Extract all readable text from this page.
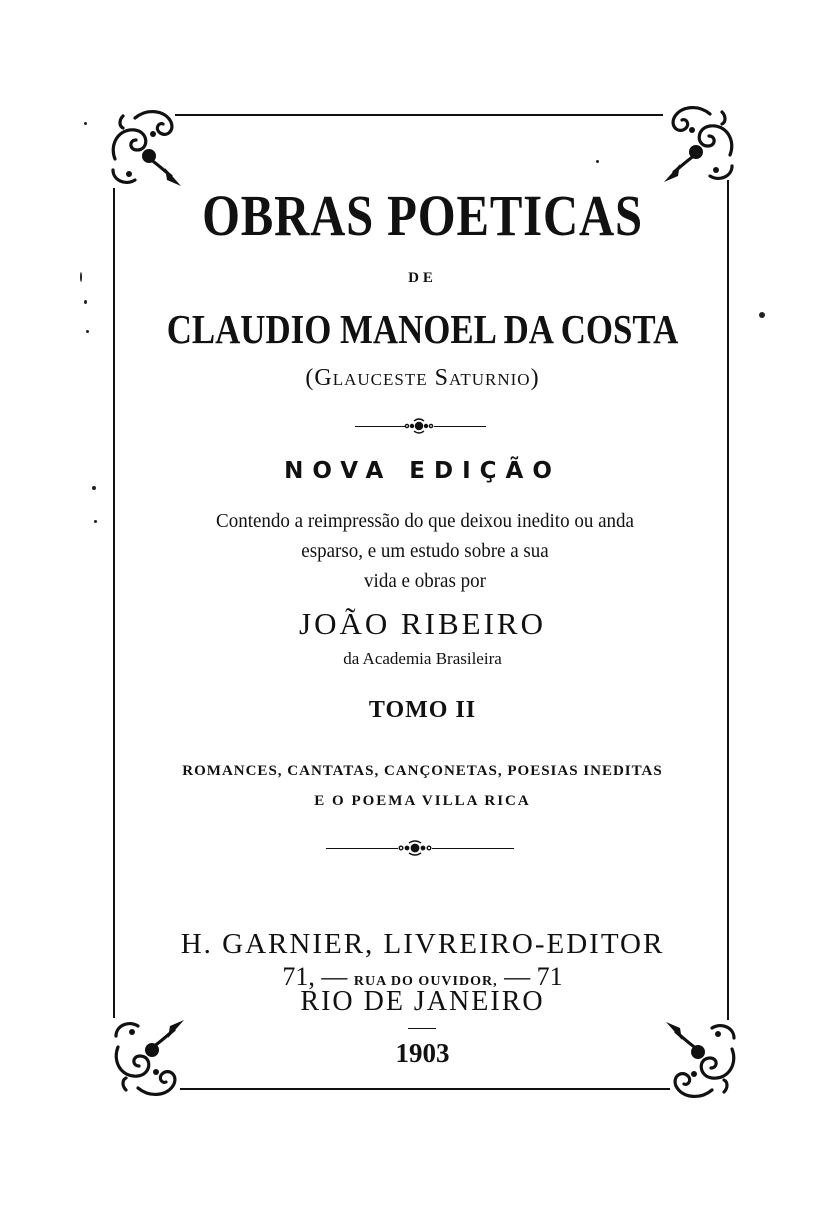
OBRAS POETICAS
DE
CLAUDIO MANOEL DA COSTA
(Glauceste Saturnio)
NOVA EDIÇÃO
Contendo a reimpressão do que deixou inedito ou anda
esparso, e um estudo sobre a sua
vida e obras por
JOÃO RIBEIRO
da Academia Brasileira
TOMO II
ROMANCES, CANTATAS, CANÇONETAS, POESIAS INEDITAS
E O POEMA VILLA RICA
H. GARNIER, LIVREIRO-EDITOR
71, — RUA DO OUVIDOR, — 71
RIO DE JANEIRO
1903
